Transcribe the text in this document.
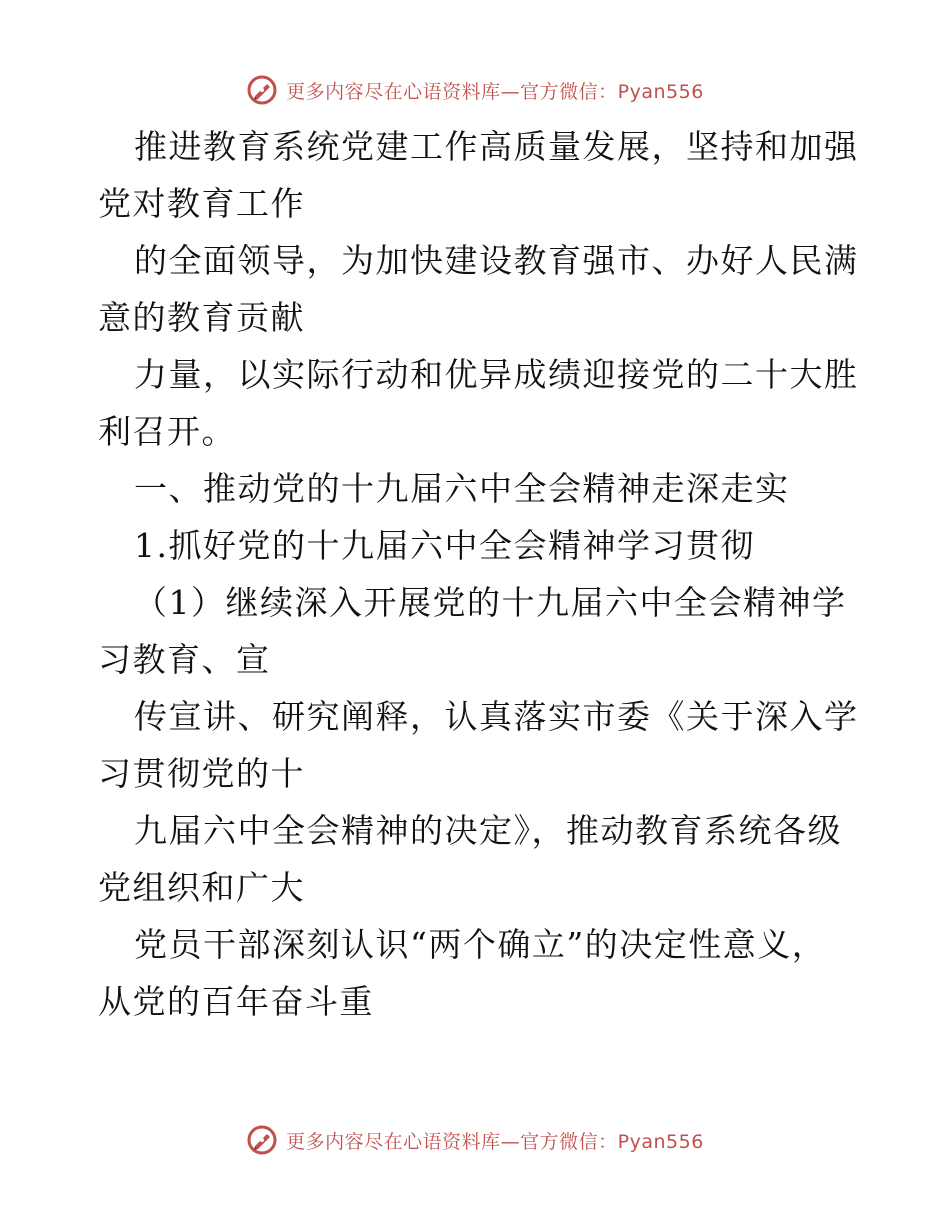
更多内容尽在心语资料库—官方微信：Pyan556

推进教育系统党建工作高质量发展，坚持和加强

党对教育工作

的全面领导，为加快建设教育强市、办好人民满

意的教育贡献

力量，以实际行动和优异成绩迎接党的二十大胜

利召开。

一、推动党的十九届六中全会精神走深走实

1.抓好党的十九届六中全会精神学习贯彻

（1）继续深入开展党的十九届六中全会精神学

习教育、宣

传宣讲、研究阐释，认真落实市委《关于深入学

习贯彻党的十

九届六中全会精神的决定》，推动教育系统各级

党组织和广大

党员干部深刻认识“两个确立”的决定性意义，

从党的百年奋斗重

更多内容尽在心语资料库—官方微信：Pyan556
